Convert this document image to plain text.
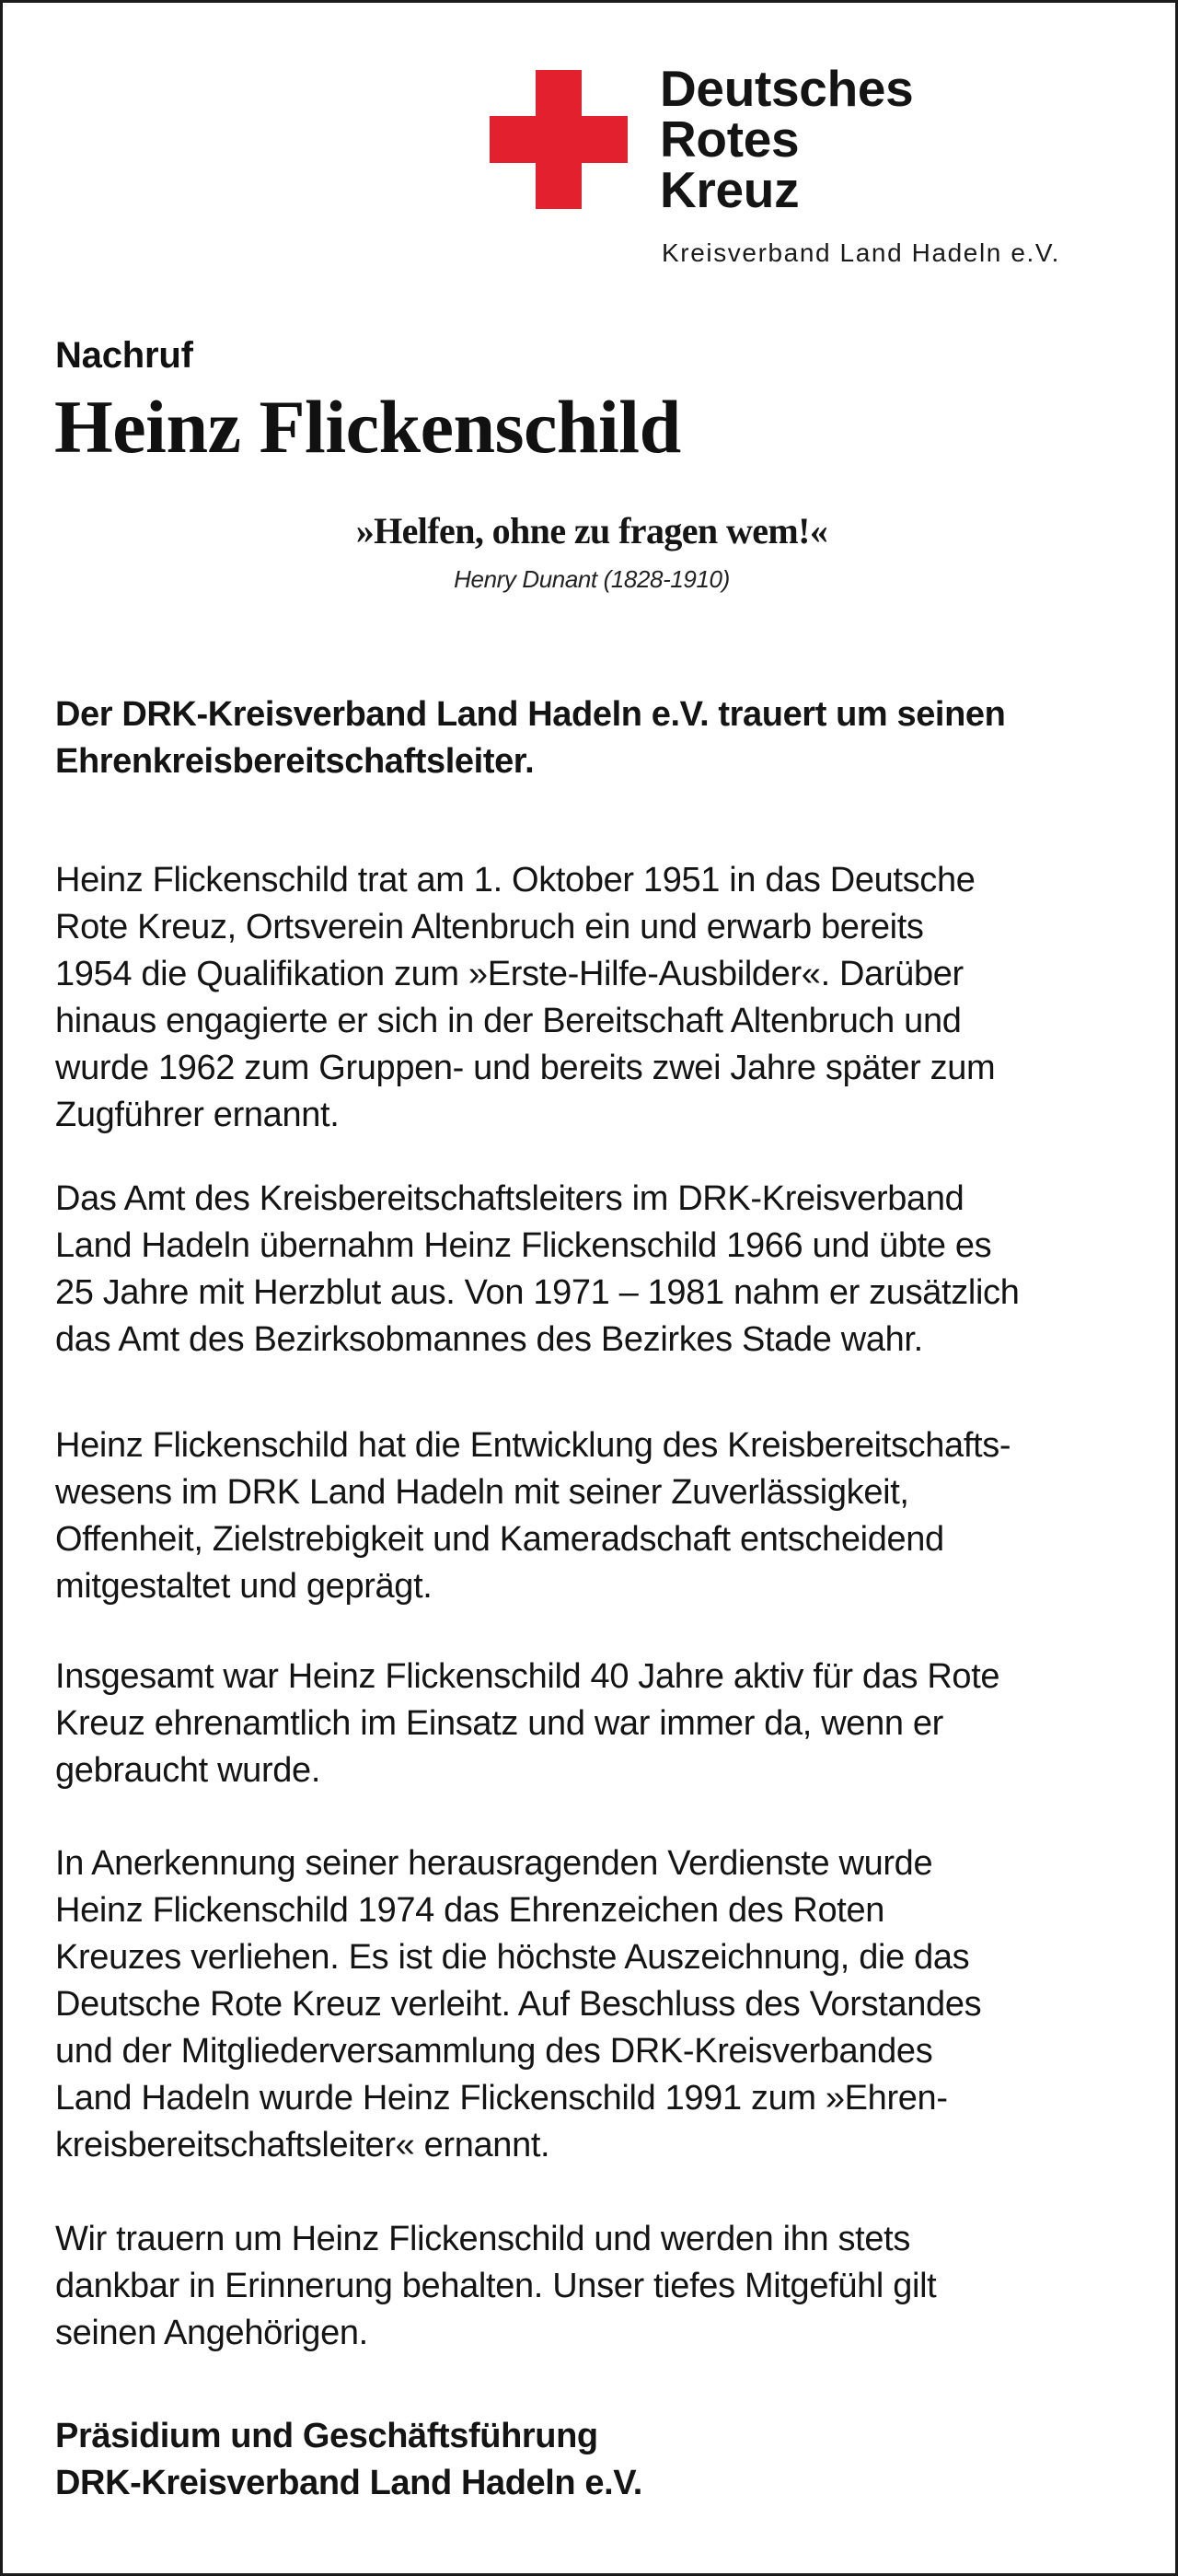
Deutsches
Rotes
Kreuz
Kreisverband Land Hadeln e.V.
Nachruf
Heinz Flickenschild
»Helfen, ohne zu fragen wem!«
Henry Dunant (1828-1910)
Der DRK-Kreisverband Land Hadeln e.V. trauert um seinen
Ehrenkreisbereitschaftsleiter.
Heinz Flickenschild trat am 1. Oktober 1951 in das Deutsche
Rote Kreuz, Ortsverein Altenbruch ein und erwarb bereits
1954 die Qualifikation zum »Erste-Hilfe-Ausbilder«. Darüber
hinaus engagierte er sich in der Bereitschaft Altenbruch und
wurde 1962 zum Gruppen- und bereits zwei Jahre später zum
Zugführer ernannt.
Das Amt des Kreisbereitschaftsleiters im DRK-Kreisverband
Land Hadeln übernahm Heinz Flickenschild 1966 und übte es
25 Jahre mit Herzblut aus. Von 1971 – 1981 nahm er zusätzlich
das Amt des Bezirksobmannes des Bezirkes Stade wahr.
Heinz Flickenschild hat die Entwicklung des Kreisbereitschafts-
wesens im DRK Land Hadeln mit seiner Zuverlässigkeit,
Offenheit, Zielstrebigkeit und Kameradschaft entscheidend
mitgestaltet und geprägt.
Insgesamt war Heinz Flickenschild 40 Jahre aktiv für das Rote
Kreuz ehrenamtlich im Einsatz und war immer da, wenn er
gebraucht wurde.
In Anerkennung seiner herausragenden Verdienste wurde
Heinz Flickenschild 1974 das Ehrenzeichen des Roten
Kreuzes verliehen. Es ist die höchste Auszeichnung, die das
Deutsche Rote Kreuz verleiht. Auf Beschluss des Vorstandes
und der Mitgliederversammlung des DRK-Kreisverbandes
Land Hadeln wurde Heinz Flickenschild 1991 zum »Ehren-
kreisbereitschaftsleiter« ernannt.
Wir trauern um Heinz Flickenschild und werden ihn stets
dankbar in Erinnerung behalten. Unser tiefes Mitgefühl gilt
seinen Angehörigen.
Präsidium und Geschäftsführung
DRK-Kreisverband Land Hadeln e.V.
